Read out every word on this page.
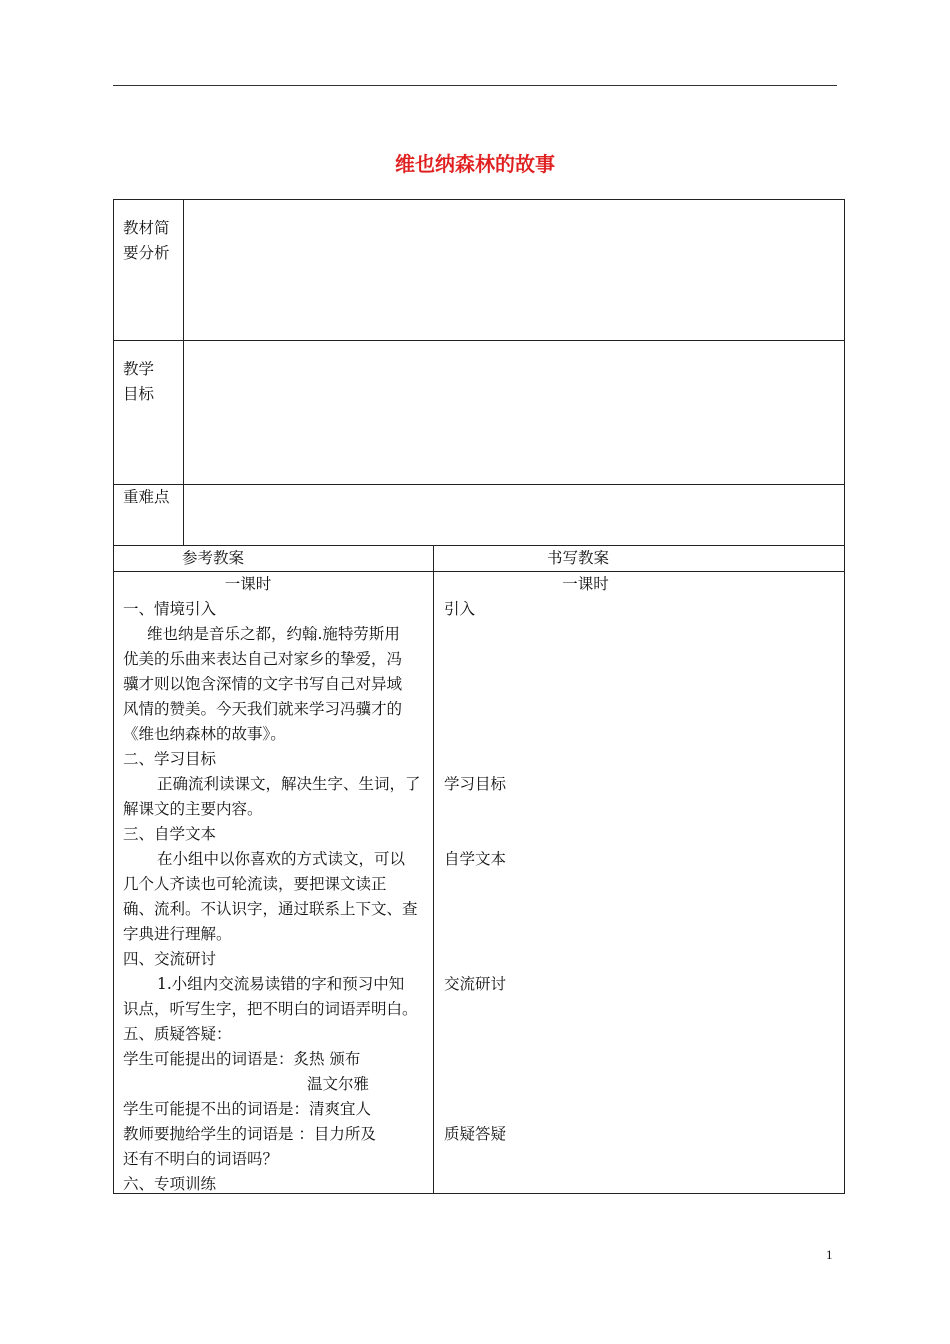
维也纳森林的故事
教材简
要分析
教学
目标
重难点
参考教案	书写教案
一课时
一、情境引入
维也纳是音乐之都，约翰.施特劳斯用
优美的乐曲来表达自己对家乡的挚爱，冯
骥才则以饱含深情的文字书写自己对异域
风情的赞美。今天我们就来学习冯骥才的
《维也纳森林的故事》。
二、学习目标
正确流利读课文，解决生字、生词，了
解课文的主要内容。
三、自学文本
在小组中以你喜欢的方式读文，可以
几个人齐读也可轮流读，要把课文读正
确、流利。不认识字，通过联系上下文、查
字典进行理解。
四、交流研讨
1.小组内交流易读错的字和预习中知
识点，听写生字，把不明白的词语弄明白。
五、质疑答疑：
学生可能提出的词语是：炙热 颁布
温文尔雅
学生可能提不出的词语是：清爽宜人
教师要抛给学生的词语是 ：目力所及
还有不明白的词语吗？
六、专项训练
一课时
引入
学习目标
自学文本
交流研讨
质疑答疑
1
